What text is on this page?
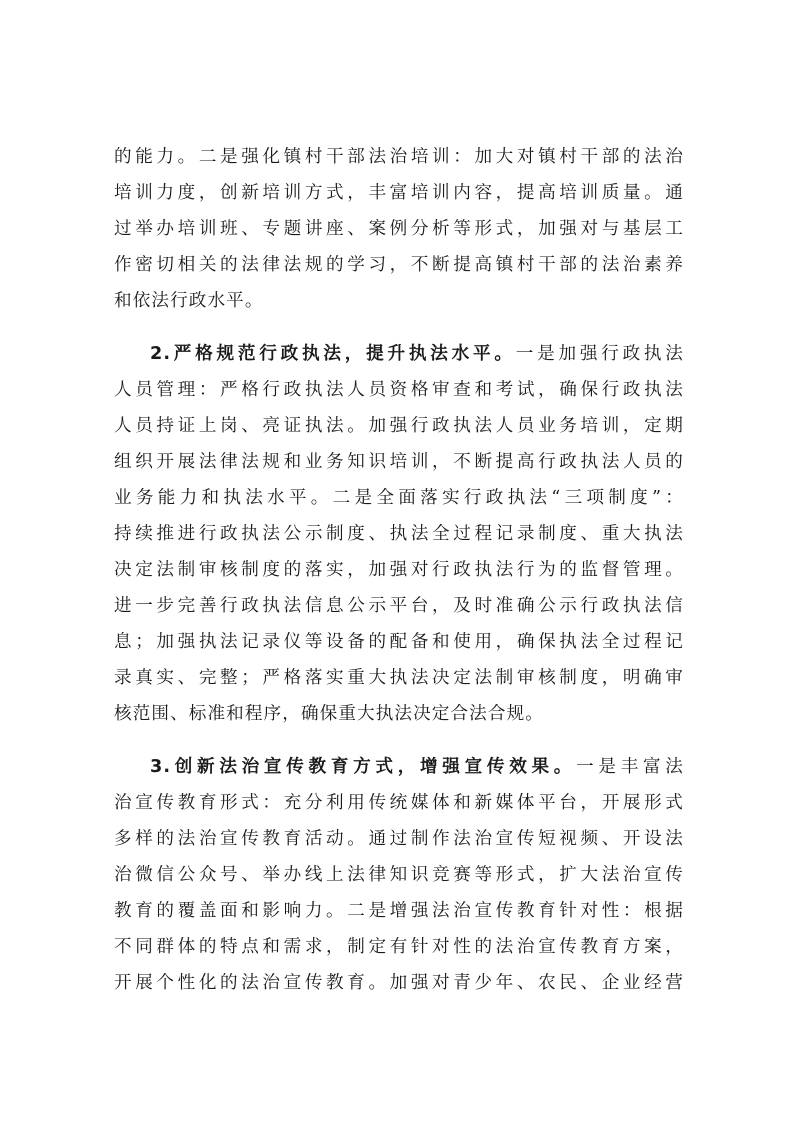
的能力。二是强化镇村干部法治培训：加大对镇村干部的法治
培训力度，创新培训方式，丰富培训内容，提高培训质量。通
过举办培训班、专题讲座、案例分析等形式，加强对与基层工
作密切相关的法律法规的学习，不断提高镇村干部的法治素养
和依法行政水平。
2.严格规范行政执法，提升执法水平。一是加强行政执法
人员管理：严格行政执法人员资格审查和考试，确保行政执法
人员持证上岗、亮证执法。加强行政执法人员业务培训，定期
组织开展法律法规和业务知识培训，不断提高行政执法人员的
业务能力和执法水平。二是全面落实行政执法“三项制度”：
持续推进行政执法公示制度、执法全过程记录制度、重大执法
决定法制审核制度的落实，加强对行政执法行为的监督管理。
进一步完善行政执法信息公示平台，及时准确公示行政执法信
息；加强执法记录仪等设备的配备和使用，确保执法全过程记
录真实、完整；严格落实重大执法决定法制审核制度，明确审
核范围、标准和程序，确保重大执法决定合法合规。
3.创新法治宣传教育方式，增强宣传效果。一是丰富法
治宣传教育形式：充分利用传统媒体和新媒体平台，开展形式
多样的法治宣传教育活动。通过制作法治宣传短视频、开设法
治微信公众号、举办线上法律知识竞赛等形式，扩大法治宣传
教育的覆盖面和影响力。二是增强法治宣传教育针对性：根据
不同群体的特点和需求，制定有针对性的法治宣传教育方案，
开展个性化的法治宣传教育。加强对青少年、农民、企业经营
